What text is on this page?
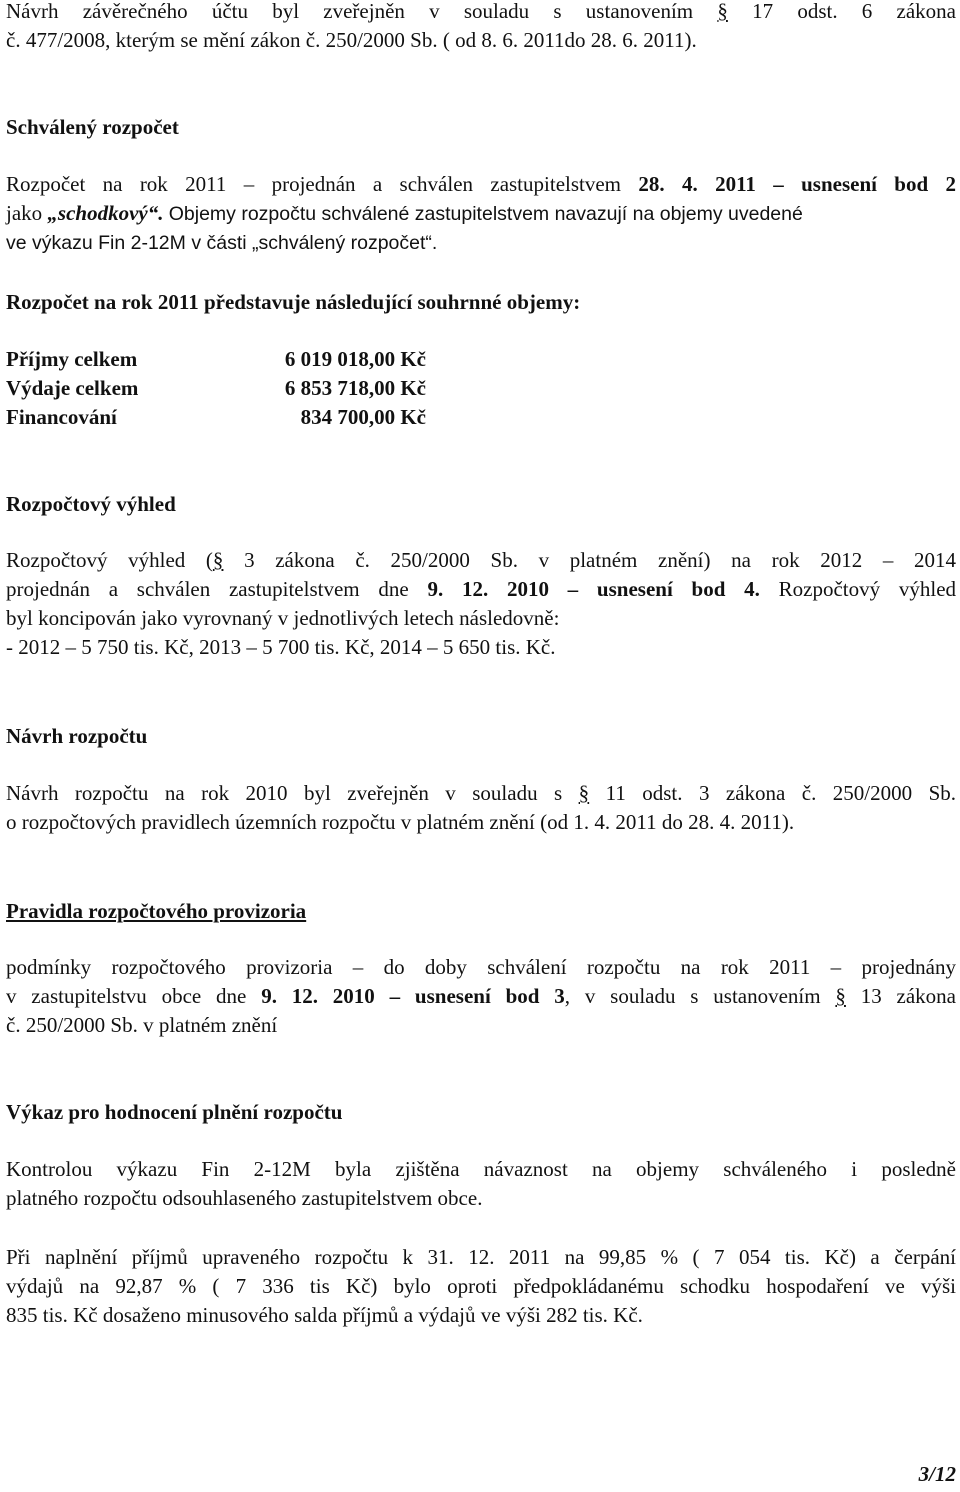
Návrh závěrečného účtu byl zveřejněn v souladu s ustanovením § 17 odst. 6 zákona
č. 477/2008, kterým se mění zákon č. 250/2000 Sb. ( od 8. 6. 2011do 28. 6. 2011).
Schválený rozpočet
Rozpočet na rok 2011 – projednán a schválen zastupitelstvem 28. 4. 2011 – usnesení bod 2
jako „schodkový“. Objemy rozpočtu schválené zastupitelstvem navazují na objemy uvedené
ve výkazu Fin 2-12M v části „schválený rozpočet“.
Rozpočet na rok 2011 představuje následující souhrnné objemy:
Příjmy celkem	6 019 018,00 Kč
Výdaje celkem	6 853 718,00 Kč
Financování	834 700,00 Kč
Rozpočtový výhled
Rozpočtový výhled (§ 3 zákona č. 250/2000 Sb. v platném znění) na rok 2012 – 2014
projednán a schválen zastupitelstvem dne 9. 12. 2010 – usnesení bod 4. Rozpočtový výhled
byl koncipován jako vyrovnaný v jednotlivých letech následovně:
- 2012 – 5 750 tis. Kč, 2013 – 5 700 tis. Kč, 2014 – 5 650 tis. Kč.
Návrh rozpočtu
Návrh rozpočtu na rok 2010 byl zveřejněn v souladu s § 11 odst. 3 zákona č. 250/2000 Sb.
o rozpočtových pravidlech územních rozpočtu v platném znění (od 1. 4. 2011 do 28. 4. 2011).
Pravidla rozpočtového provizoria
podmínky rozpočtového provizoria – do doby schválení rozpočtu na rok 2011 – projednány
v zastupitelstvu obce dne 9. 12. 2010 – usnesení bod 3, v souladu s ustanovením § 13 zákona
č. 250/2000 Sb. v platném znění
Výkaz pro hodnocení plnění rozpočtu
Kontrolou výkazu Fin 2-12M byla zjištěna návaznost na objemy schváleného i posledně
platného rozpočtu odsouhlaseného zastupitelstvem obce.
Při naplnění příjmů upraveného rozpočtu k 31. 12. 2011 na 99,85 % ( 7 054 tis. Kč) a čerpání
výdajů na 92,87 % ( 7 336 tis Kč) bylo oproti předpokládanému schodku hospodaření ve výši
835 tis. Kč dosaženo minusového salda příjmů a výdajů ve výši 282 tis. Kč.
3/12
